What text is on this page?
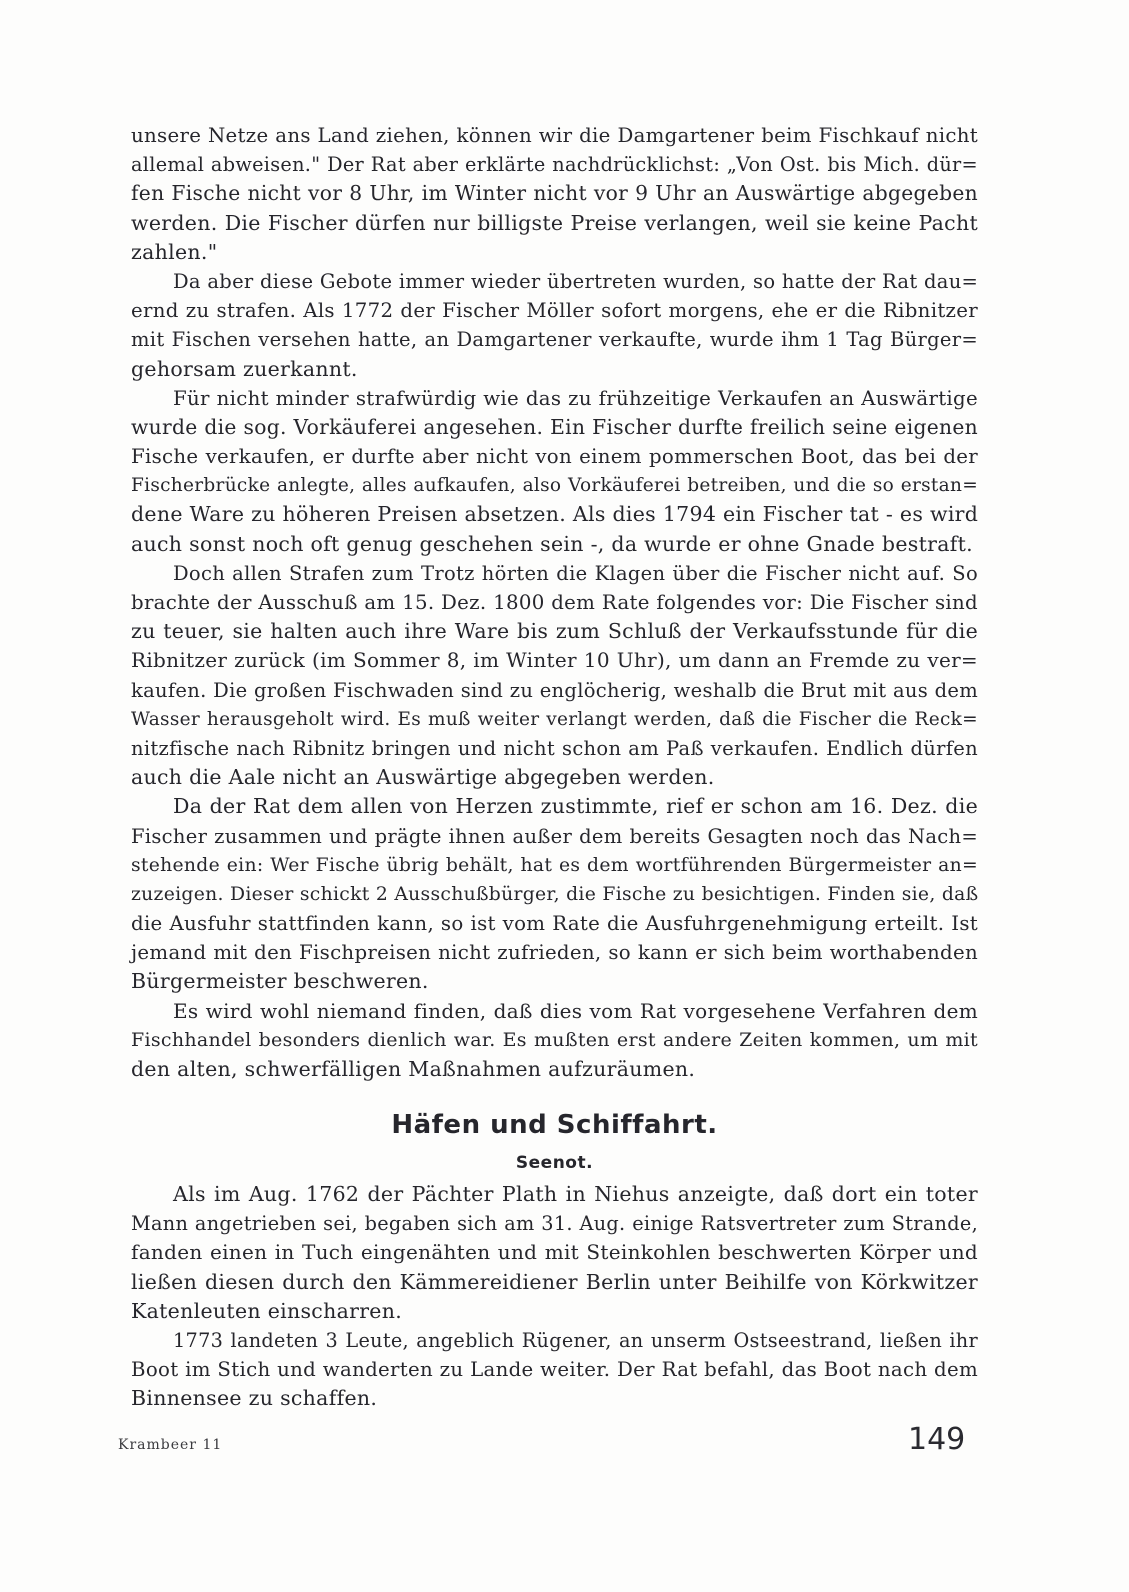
unsere Netze ans Land ziehen, können wir die Damgartener beim Fischkauf nicht
allemal abweisen." Der Rat aber erklärte nachdrücklichst: „Von Ost. bis Mich. dür=
fen Fische nicht vor 8 Uhr, im Winter nicht vor 9 Uhr an Auswärtige abgegeben
werden. Die Fischer dürfen nur billigste Preise verlangen, weil sie keine Pacht
zahlen."
Da aber diese Gebote immer wieder übertreten wurden, so hatte der Rat dau=
ernd zu strafen. Als 1772 der Fischer Möller sofort morgens, ehe er die Ribnitzer
mit Fischen versehen hatte, an Damgartener verkaufte, wurde ihm 1 Tag Bürger=
gehorsam zuerkannt.
Für nicht minder strafwürdig wie das zu frühzeitige Verkaufen an Auswärtige
wurde die sog. Vorkäuferei angesehen. Ein Fischer durfte freilich seine eigenen
Fische verkaufen, er durfte aber nicht von einem pommerschen Boot, das bei der
Fischerbrücke anlegte, alles aufkaufen, also Vorkäuferei betreiben, und die so erstan=
dene Ware zu höheren Preisen absetzen. Als dies 1794 ein Fischer tat - es wird
auch sonst noch oft genug geschehen sein -, da wurde er ohne Gnade bestraft.
Doch allen Strafen zum Trotz hörten die Klagen über die Fischer nicht auf. So
brachte der Ausschuß am 15. Dez. 1800 dem Rate folgendes vor: Die Fischer sind
zu teuer, sie halten auch ihre Ware bis zum Schluß der Verkaufsstunde für die
Ribnitzer zurück (im Sommer 8, im Winter 10 Uhr), um dann an Fremde zu ver=
kaufen. Die großen Fischwaden sind zu englöcherig, weshalb die Brut mit aus dem
Wasser herausgeholt wird. Es muß weiter verlangt werden, daß die Fischer die Reck=
nitzfische nach Ribnitz bringen und nicht schon am Paß verkaufen. Endlich dürfen
auch die Aale nicht an Auswärtige abgegeben werden.
Da der Rat dem allen von Herzen zustimmte, rief er schon am 16. Dez. die
Fischer zusammen und prägte ihnen außer dem bereits Gesagten noch das Nach=
stehende ein: Wer Fische übrig behält, hat es dem wortführenden Bürgermeister an=
zuzeigen. Dieser schickt 2 Ausschußbürger, die Fische zu besichtigen. Finden sie, daß
die Ausfuhr stattfinden kann, so ist vom Rate die Ausfuhrgenehmigung erteilt. Ist
jemand mit den Fischpreisen nicht zufrieden, so kann er sich beim worthabenden
Bürgermeister beschweren.
Es wird wohl niemand finden, daß dies vom Rat vorgesehene Verfahren dem
Fischhandel besonders dienlich war. Es mußten erst andere Zeiten kommen, um mit
den alten, schwerfälligen Maßnahmen aufzuräumen.
Häfen und Schiffahrt.
Seenot.
Als im Aug. 1762 der Pächter Plath in Niehus anzeigte, daß dort ein toter
Mann angetrieben sei, begaben sich am 31. Aug. einige Ratsvertreter zum Strande,
fanden einen in Tuch eingenähten und mit Steinkohlen beschwerten Körper und
ließen diesen durch den Kämmereidiener Berlin unter Beihilfe von Körkwitzer
Katenleuten einscharren.
1773 landeten 3 Leute, angeblich Rügener, an unserm Ostseestrand, ließen ihr
Boot im Stich und wanderten zu Lande weiter. Der Rat befahl, das Boot nach dem
Binnensee zu schaffen.
Krambeer 11	149
